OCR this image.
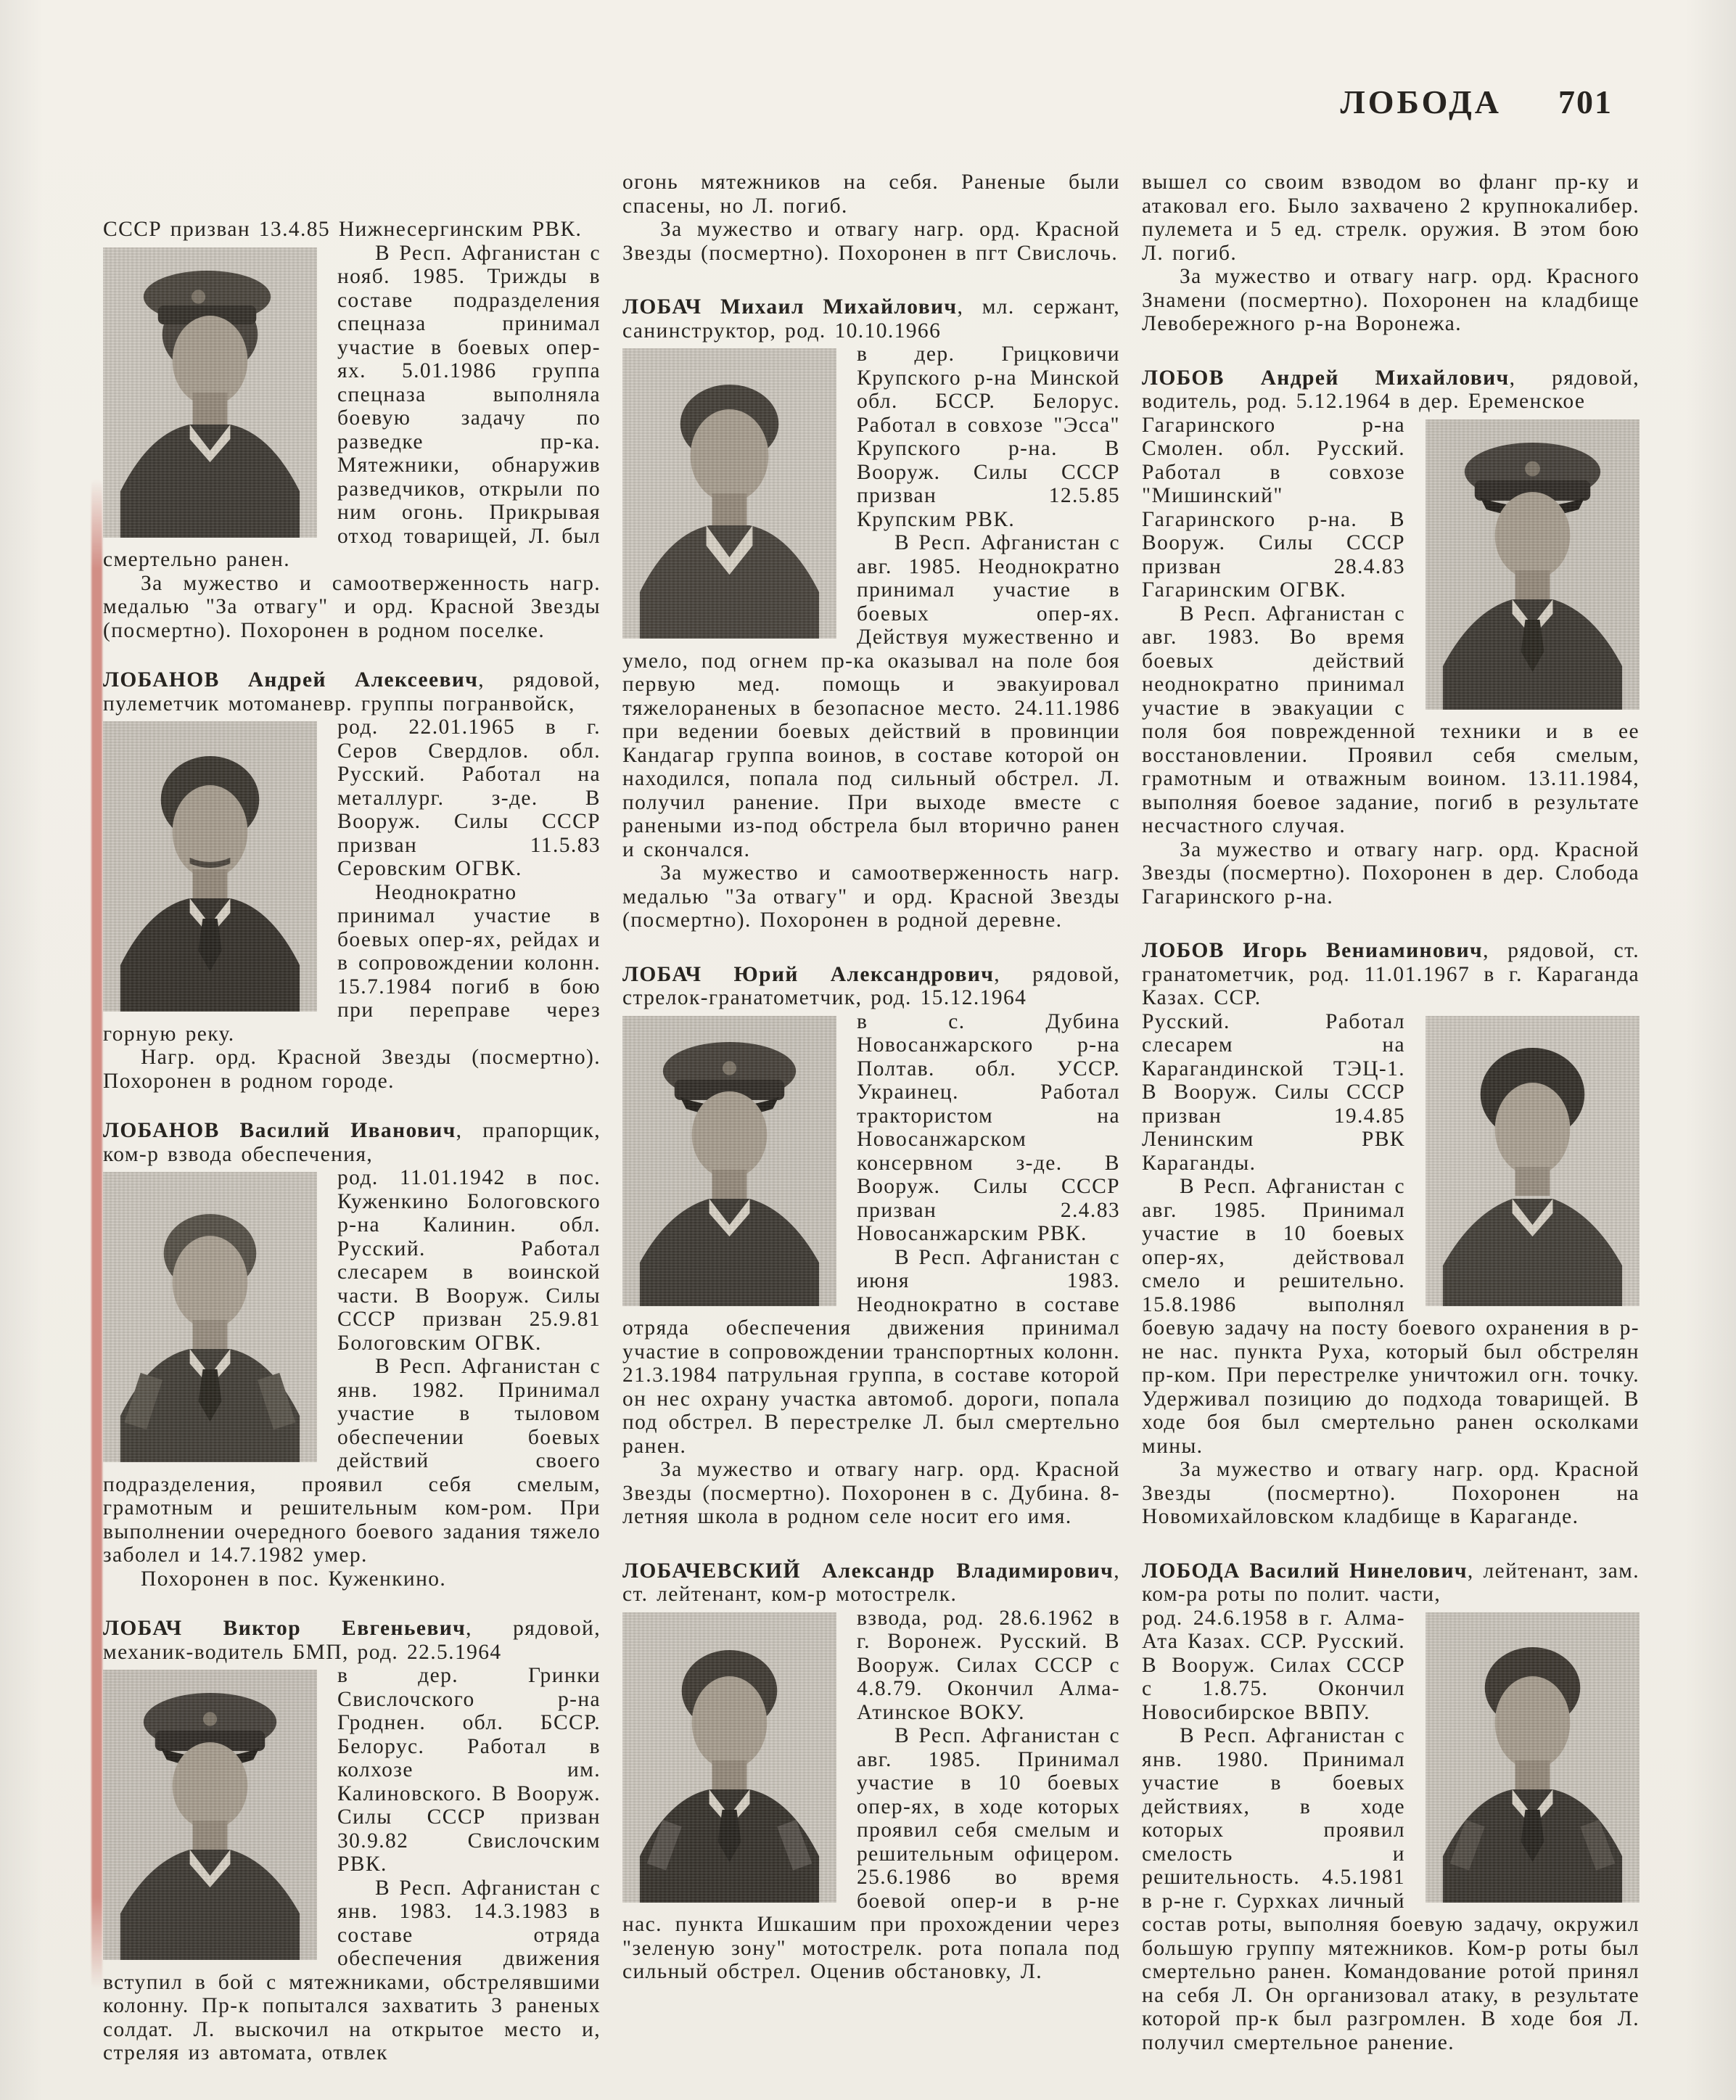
ЛОБОДА 701

СССР призван 13.4.85 Нижнесергинским РВК.

В Респ. Афганистан с нояб. 1985. Трижды в составе подразделения спецназа принимал участие в боевых опер-ях. 5.01.1986 группа спецназа выполняла боевую задачу по разведке пр-ка. Мятежники, обнаружив разведчиков, открыли по ним огонь. Прикрывая отход товарищей, Л. был смертельно ранен.

За мужество и самоотверженность нагр. медалью "За отвагу" и орд. Красной Звезды (посмертно). Похоронен в родном поселке.

ЛОБАНОВ Андрей Алексеевич, рядовой, пулеметчик мотоманевр. группы погранвойск,

род. 22.01.1965 в г. Серов Свердлов. обл. Русский. Работал на металлург. з-де. В Вооруж. Силы СССР призван 11.5.83 Серовским ОГВК.

Неоднократно принимал участие в боевых опер-ях, рейдах и в сопровождении колонн. 15.7.1984 погиб в бою при переправе через горную реку.

Нагр. орд. Красной Звезды (посмертно). Похоронен в родном городе.

ЛОБАНОВ Василий Иванович, прапорщик, ком-р взвода обеспечения,

род. 11.01.1942 в пос. Куженкино Бологовского р-на Калинин. обл. Русский. Работал слесарем в воинской части. В Вооруж. Силы СССР призван 25.9.81 Бологовским ОГВК.

В Респ. Афганистан с янв. 1982. Принимал участие в тыловом обеспечении боевых действий своего подразделения, проявил себя смелым, грамотным и решительным ком-ром. При выполнении очередного боевого задания тяжело заболел и 14.7.1982 умер.

Похоронен в пос. Куженкино.

ЛОБАЧ Виктор Евгеньевич, рядовой, механик-водитель БМП, род. 22.5.1964

в дер. Гринки Свислочского р-на Гроднен. обл. БССР. Белорус. Работал в колхозе им. Калиновского. В Вооруж. Силы СССР призван 30.9.82 Свислочским РВК.

В Респ. Афганистан с янв. 1983. 14.3.1983 в составе отряда обеспечения движения вступил в бой с мятежниками, обстрелявшими колонну. Пр-к попытался захватить 3 раненых солдат. Л. выскочил на открытое место и, стреляя из автомата, отвлек

огонь мятежников на себя. Раненые были спасены, но Л. погиб.

За мужество и отвагу нагр. орд. Красной Звезды (посмертно). Похоронен в пгт Свислочь.

ЛОБАЧ Михаил Михайлович, мл. сержант, санинструктор, род. 10.10.1966

в дер. Грицковичи Крупского р-на Минской обл. БССР. Белорус. Работал в совхозе "Эсса" Крупского р-на. В Вооруж. Силы СССР призван 12.5.85 Крупским РВК.

В Респ. Афганистан с авг. 1985. Неоднократно принимал участие в боевых опер-ях. Действуя мужественно и умело, под огнем пр-ка оказывал на поле боя первую мед. помощь и эвакуировал тяжелораненых в безопасное место. 24.11.1986 при ведении боевых действий в провинции Кандагар группа воинов, в составе которой он находился, попала под сильный обстрел. Л. получил ранение. При выходе вместе с ранеными из-под обстрела был вторично ранен и скончался.

За мужество и самоотверженность нагр. медалью "За отвагу" и орд. Красной Звезды (посмертно). Похоронен в родной деревне.

ЛОБАЧ Юрий Александрович, рядовой, стрелок-гранатометчик, род. 15.12.1964

в с. Дубина Новосанжарского р-на Полтав. обл. УССР. Украинец. Работал трактористом на Новосанжарском консервном з-де. В Вооруж. Силы СССР призван 2.4.83 Новосанжарским РВК.

В Респ. Афганистан с июня 1983. Неоднократно в составе отряда обеспечения движения принимал участие в сопровождении транспортных колонн. 21.3.1984 патрульная группа, в составе которой он нес охрану участка автомоб. дороги, попала под обстрел. В перестрелке Л. был смертельно ранен.

За мужество и отвагу нагр. орд. Красной Звезды (посмертно). Похоронен в с. Дубина. 8-летняя школа в родном селе носит его имя.

ЛОБАЧЕВСКИЙ Александр Владимирович, ст. лейтенант, ком-р мотострелк.

взвода, род. 28.6.1962 в г. Воронеж. Русский. В Вооруж. Силах СССР с 4.8.79. Окончил Алма-Атинское ВОКУ.

В Респ. Афганистан с авг. 1985. Принимал участие в 10 боевых опер-ях, в ходе которых проявил себя смелым и решительным офицером. 25.6.1986 во время боевой опер-и в р-не нас. пункта Ишкашим при прохождении через "зеленую зону" мотострелк. рота попала под сильный обстрел. Оценив обстановку, Л.

вышел со своим взводом во фланг пр-ку и атаковал его. Было захвачено 2 крупнокалибер. пулемета и 5 ед. стрелк. оружия. В этом бою Л. погиб.

За мужество и отвагу нагр. орд. Красного Знамени (посмертно). Похоронен на кладбище Левобережного р-на Воронежа.

ЛОБОВ Андрей Михайлович, рядовой, водитель, род. 5.12.1964 в дер. Еременское

Гагаринского р-на Смолен. обл. Русский. Работал в совхозе "Мишинский" Гагаринского р-на. В Вооруж. Силы СССР призван 28.4.83 Гагаринским ОГВК.

В Респ. Афганистан с авг. 1983. Во время боевых действий неоднократно принимал участие в эвакуации с поля боя поврежденной техники и в ее восстановлении. Проявил себя смелым, грамотным и отважным воином. 13.11.1984, выполняя боевое задание, погиб в результате несчастного случая.

За мужество и отвагу нагр. орд. Красной Звезды (посмертно). Похоронен в дер. Слобода Гагаринского р-на.

ЛОБОВ Игорь Вениаминович, рядовой, ст. гранатометчик, род. 11.01.1967 в г. Караганда Казах. ССР.

Русский. Работал слесарем на Карагандинской ТЭЦ-1. В Вооруж. Силы СССР призван 19.4.85 Ленинским РВК Караганды.

В Респ. Афганистан с авг. 1985. Принимал участие в 10 боевых опер-ях, действовал смело и решительно. 15.8.1986 выполнял боевую задачу на посту боевого охранения в р-не нас. пункта Руха, который был обстрелян пр-ком. При перестрелке уничтожил огн. точку. Удерживал позицию до подхода товарищей. В ходе боя был смертельно ранен осколками мины.

За мужество и отвагу нагр. орд. Красной Звезды (посмертно). Похоронен на Новомихайловском кладбище в Караганде.

ЛОБОДА Василий Нинелович, лейтенант, зам. ком-ра роты по полит. части,

род. 24.6.1958 в г. Алма-Ата Казах. ССР. Русский. В Вооруж. Силах СССР с 1.8.75. Окончил Новосибирское ВВПУ.

В Респ. Афганистан с янв. 1980. Принимал участие в боевых действиях, в ходе которых проявил смелость и решительность. 4.5.1981 в р-не г. Сурхках личный состав роты, выполняя боевую задачу, окружил большую группу мятежников. Ком-р роты был смертельно ранен. Командование ротой принял на себя Л. Он организовал атаку, в результате которой пр-к был разгромлен. В ходе боя Л. получил смертельное ранение.
